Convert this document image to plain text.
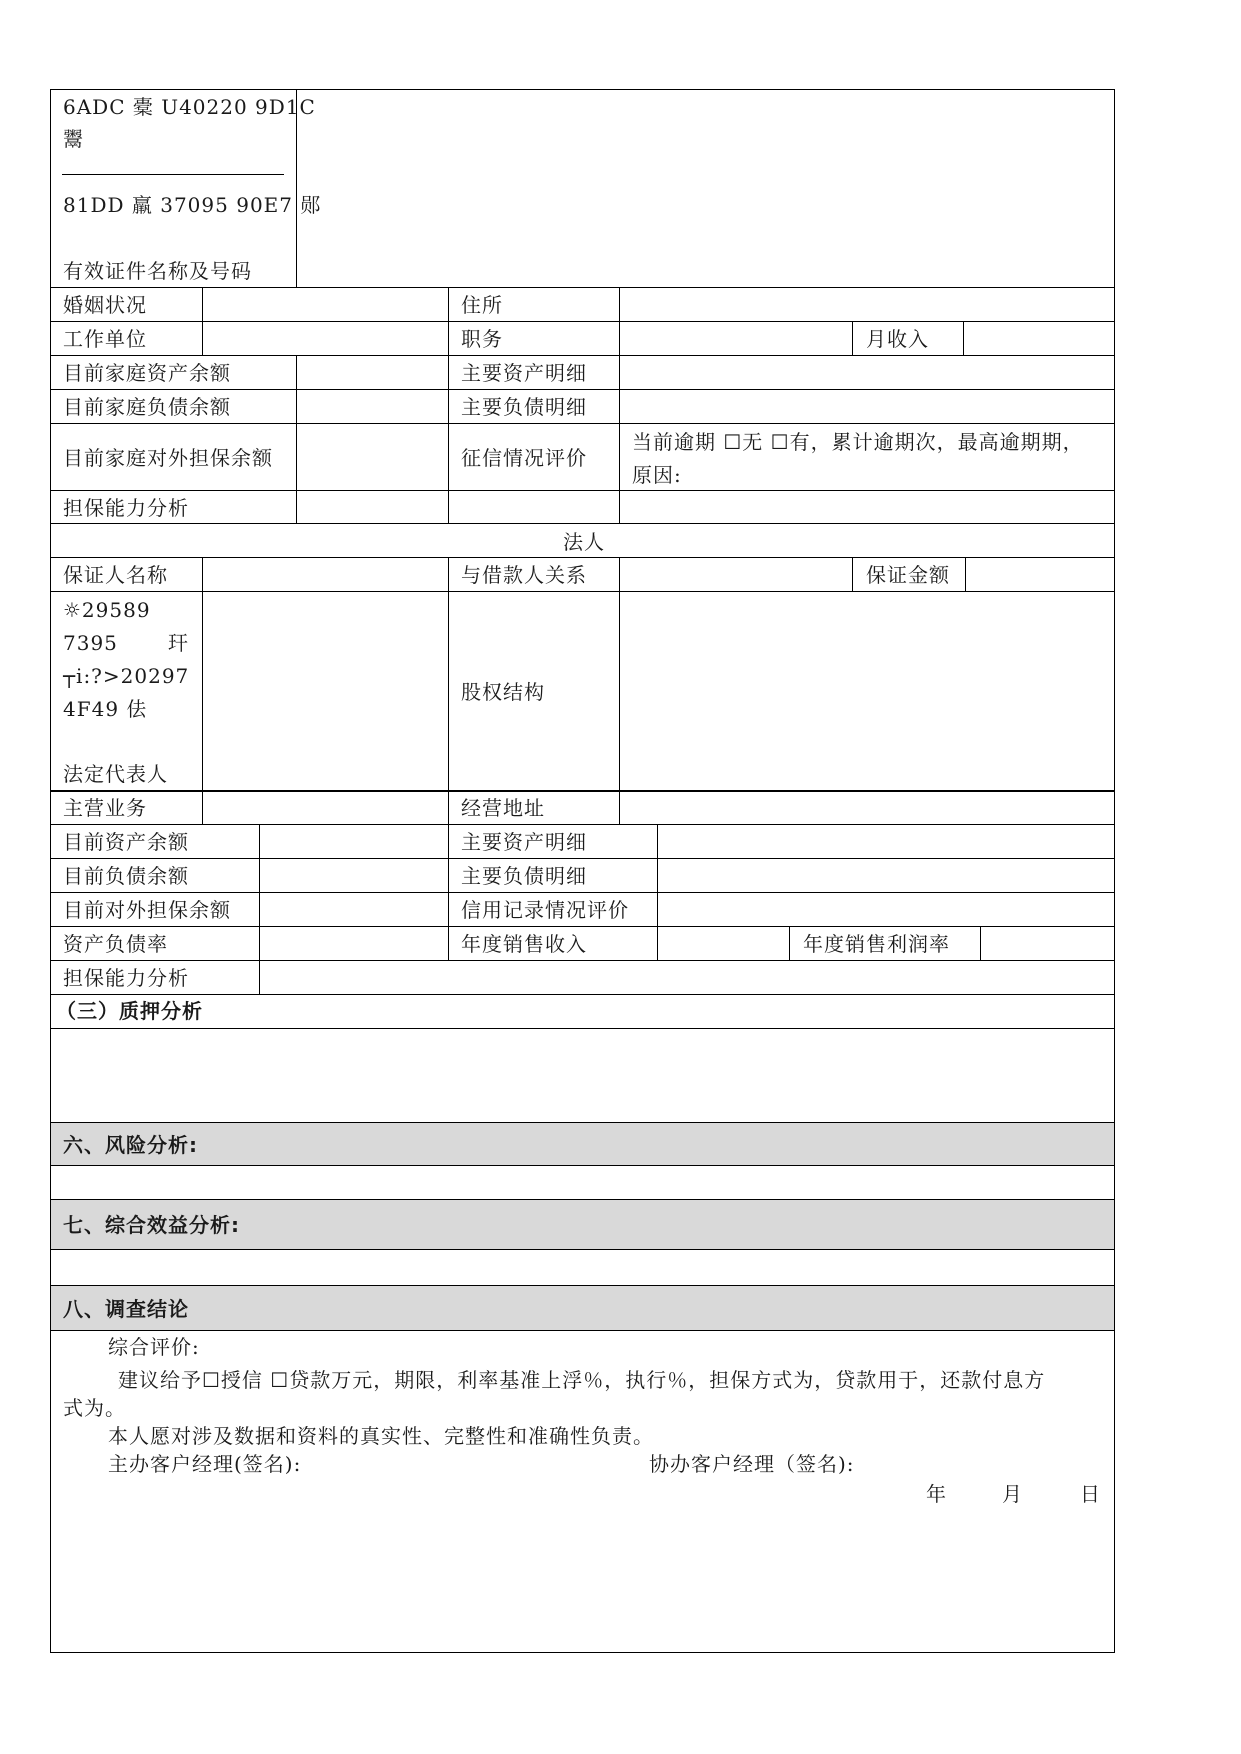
6ADC 橐 U40220 9D1C
鬻
81DD 羸 37095 90E7 郧
有效证件名称及号码
婚姻状况	住所
工作单位	职务	月收入
目前家庭资产余额	主要资产明细
目前家庭负债余额	主要负债明细
目前家庭对外担保余额	征信情况评价
当前逾期 ☐无 ☐有，累计逾期次，最高逾期期，
原因:
担保能力分析
法人
保证人名称	与借款人关系	保证金额
☼29589
7395	玕
┬i:?>20297
4F49 佉
法定代表人
股权结构
主营业务	经营地址
目前资产余额	主要资产明细
目前负债余额	主要负债明细
目前对外担保余额	信用记录情况评价
资产负债率	年度销售收入	年度销售利润率
担保能力分析
（三）质押分析
六、风险分析:
七、综合效益分析:
八、调查结论
综合评价:
建议给予☐授信 ☐贷款万元，期限，利率基准上浮％，执行％，担保方式为，贷款用于，还款付息方
式为。
本人愿对涉及数据和资料的真实性、完整性和准确性负责。
主办客户经理(签名):	协办客户经理（签名):
年	月	日
